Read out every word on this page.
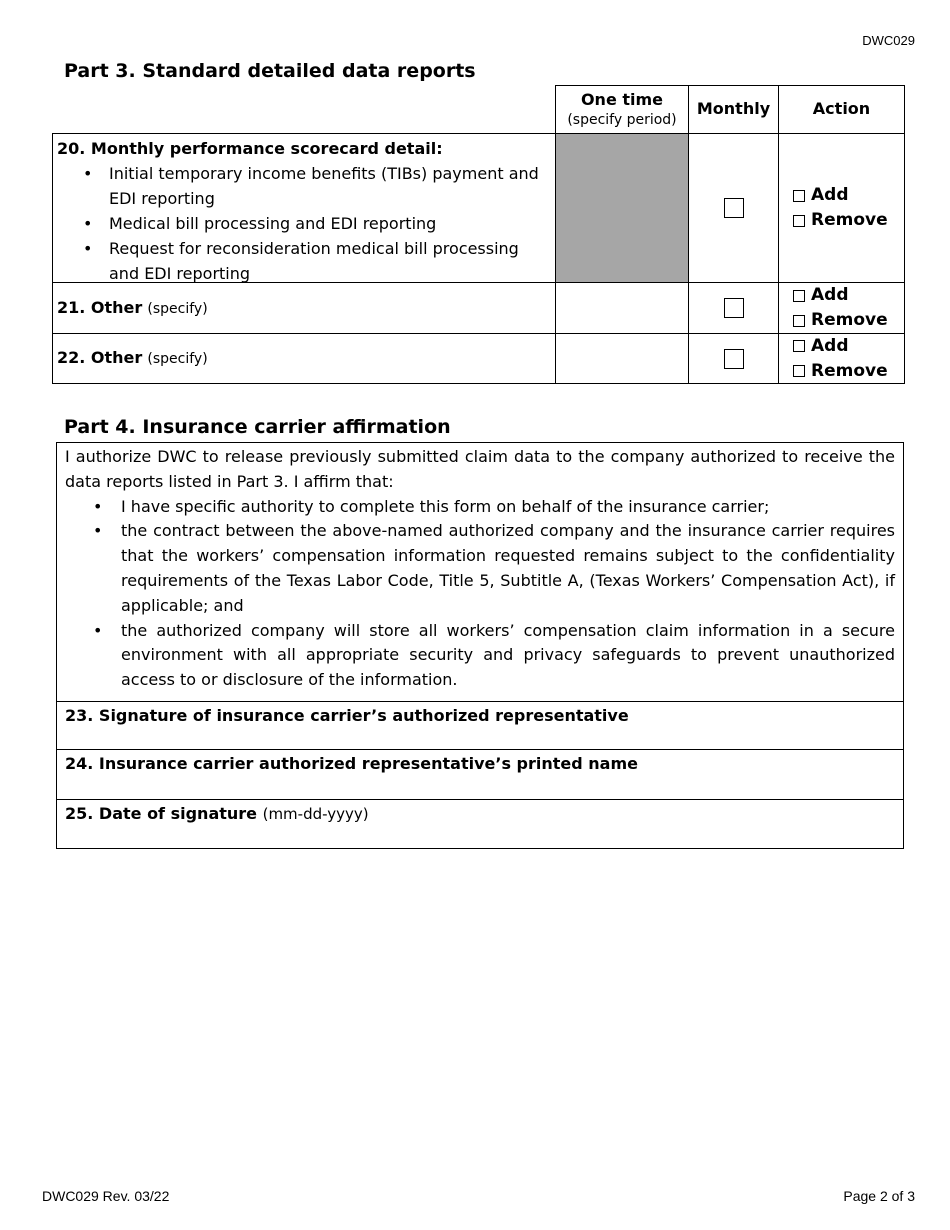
DWC029
Part 3. Standard detailed data reports
One time
(specify period)
Monthly	Action
20. Monthly performance scorecard detail:
• Initial temporary income benefits (TIBs) payment and EDI reporting
• Medical bill processing and EDI reporting
• Request for reconsideration medical bill processing and EDI reporting
Add
Remove
21. Other (specify)
Add
Remove
22. Other (specify)
Add
Remove
Part 4. Insurance carrier affirmation
I authorize DWC to release previously submitted claim data to the company authorized to receive the data reports listed in Part 3. I affirm that:
• I have specific authority to complete this form on behalf of the insurance carrier;
• the contract between the above-named authorized company and the insurance carrier requires that the workers’ compensation information requested remains subject to the confidentiality requirements of the Texas Labor Code, Title 5, Subtitle A, (Texas Workers’ Compensation Act), if applicable; and
• the authorized company will store all workers’ compensation claim information in a secure environment with all appropriate security and privacy safeguards to prevent unauthorized access to or disclosure of the information.
23. Signature of insurance carrier’s authorized representative
24. Insurance carrier authorized representative’s printed name
25. Date of signature (mm-dd-yyyy)
DWC029 Rev. 03/22	Page 2 of 3
